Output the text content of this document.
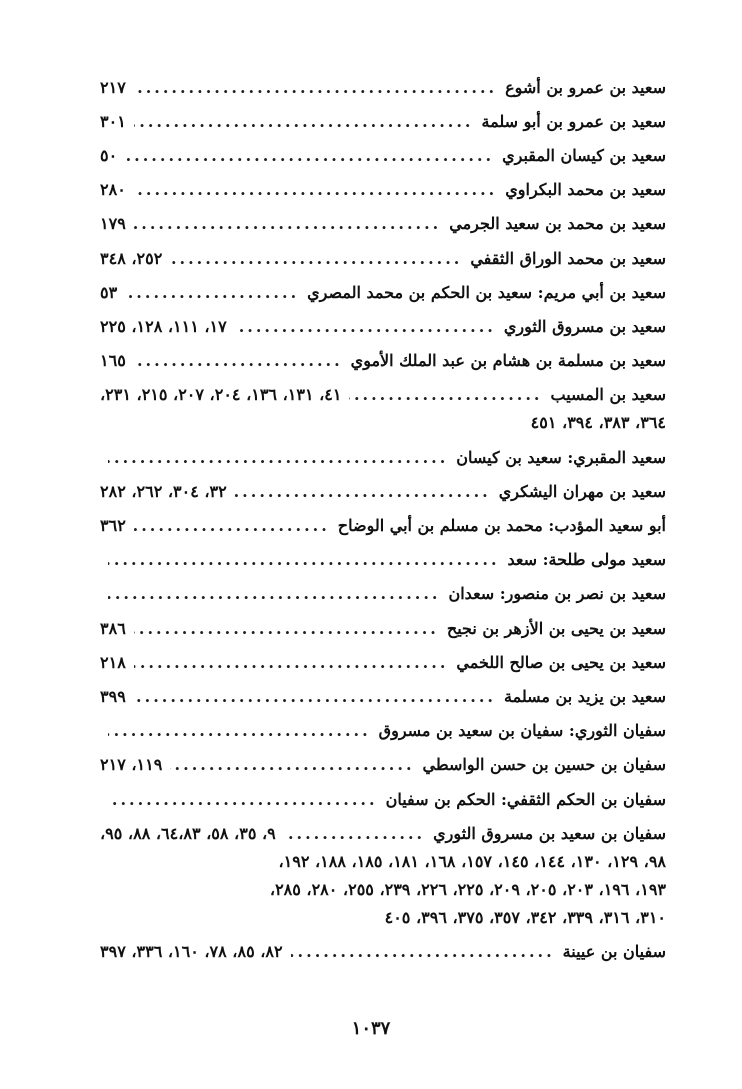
سعيد بن عمرو بن أشوع
.....
٢١٧
سعيد بن عمرو بن أبو سلمة
.....
٣٠١
سعيد بن كيسان المقبري
.....
٥٠
سعيد بن محمد البكراوي
.....
٢٨٠
سعيد بن محمد بن سعيد الجرمي
.....
١٧٩
سعيد بن محمد الوراق الثقفي
.....
٢٥٢، ٣٤٨
سعيد بن أبي مريم: سعيد بن الحكم بن محمد المصري
.....
٥٣
سعيد بن مسروق الثوري
.....
١٧، ١١١، ١٢٨، ٢٢٥
سعيد بن مسلمة بن هشام بن عبد الملك الأموي
.....
١٦٥
سعيد بن المسيب
.....
٤١، ١٣١، ١٣٦، ٢٠٤، ٢٠٧، ٢١٥، ٢٣١،
٣٦٤، ٣٨٣، ٣٩٤، ٤٥١
سعيد المقبري: سعيد بن كيسان
.....
سعيد بن مهران اليشكري
.....
٣٢، ٣٠٤، ٢٦٢، ٢٨٢
أبو سعيد المؤدب: محمد بن مسلم بن أبي الوضاح
.....
٣٦٢
سعيد مولى طلحة: سعد
.....
سعيد بن نصر بن منصور: سعدان
.....
سعيد بن يحيى بن الأزهر بن نجيح
.....
٣٨٦
سعيد بن يحيى بن صالح اللخمي
.....
٢١٨
سعيد بن يزيد بن مسلمة
.....
٣٩٩
سفيان الثوري: سفيان بن سعيد بن مسروق
.....
سفيان بن حسين بن حسن الواسطي
.....
١١٩، ٢١٧
سفيان بن الحكم الثقفي: الحكم بن سفيان
.....
سفيان بن سعيد بن مسروق الثوري
.....
٩، ٣٥، ٥٨، ٦٤،٨٣، ٨٨، ٩٥،
٩٨، ١٢٩، ١٣٠، ١٤٤، ١٤٥، ١٥٧، ١٦٨، ١٨١، ١٨٥، ١٨٨، ١٩٢،
١٩٣، ١٩٦، ٢٠٣، ٢٠٥، ٢٠٩، ٢٢٥، ٢٢٦، ٢٣٩، ٢٥٥، ٢٨٠، ٢٨٥،
٣١٠، ٣١٦، ٣٣٩، ٣٤٢، ٣٥٧، ٣٧٥، ٣٩٦، ٤٠٥
سفيان بن عيينة
.....
٨٢، ٨٥، ٧٨، ١٦٠، ٣٣٦، ٣٩٧
١٠٣٧
